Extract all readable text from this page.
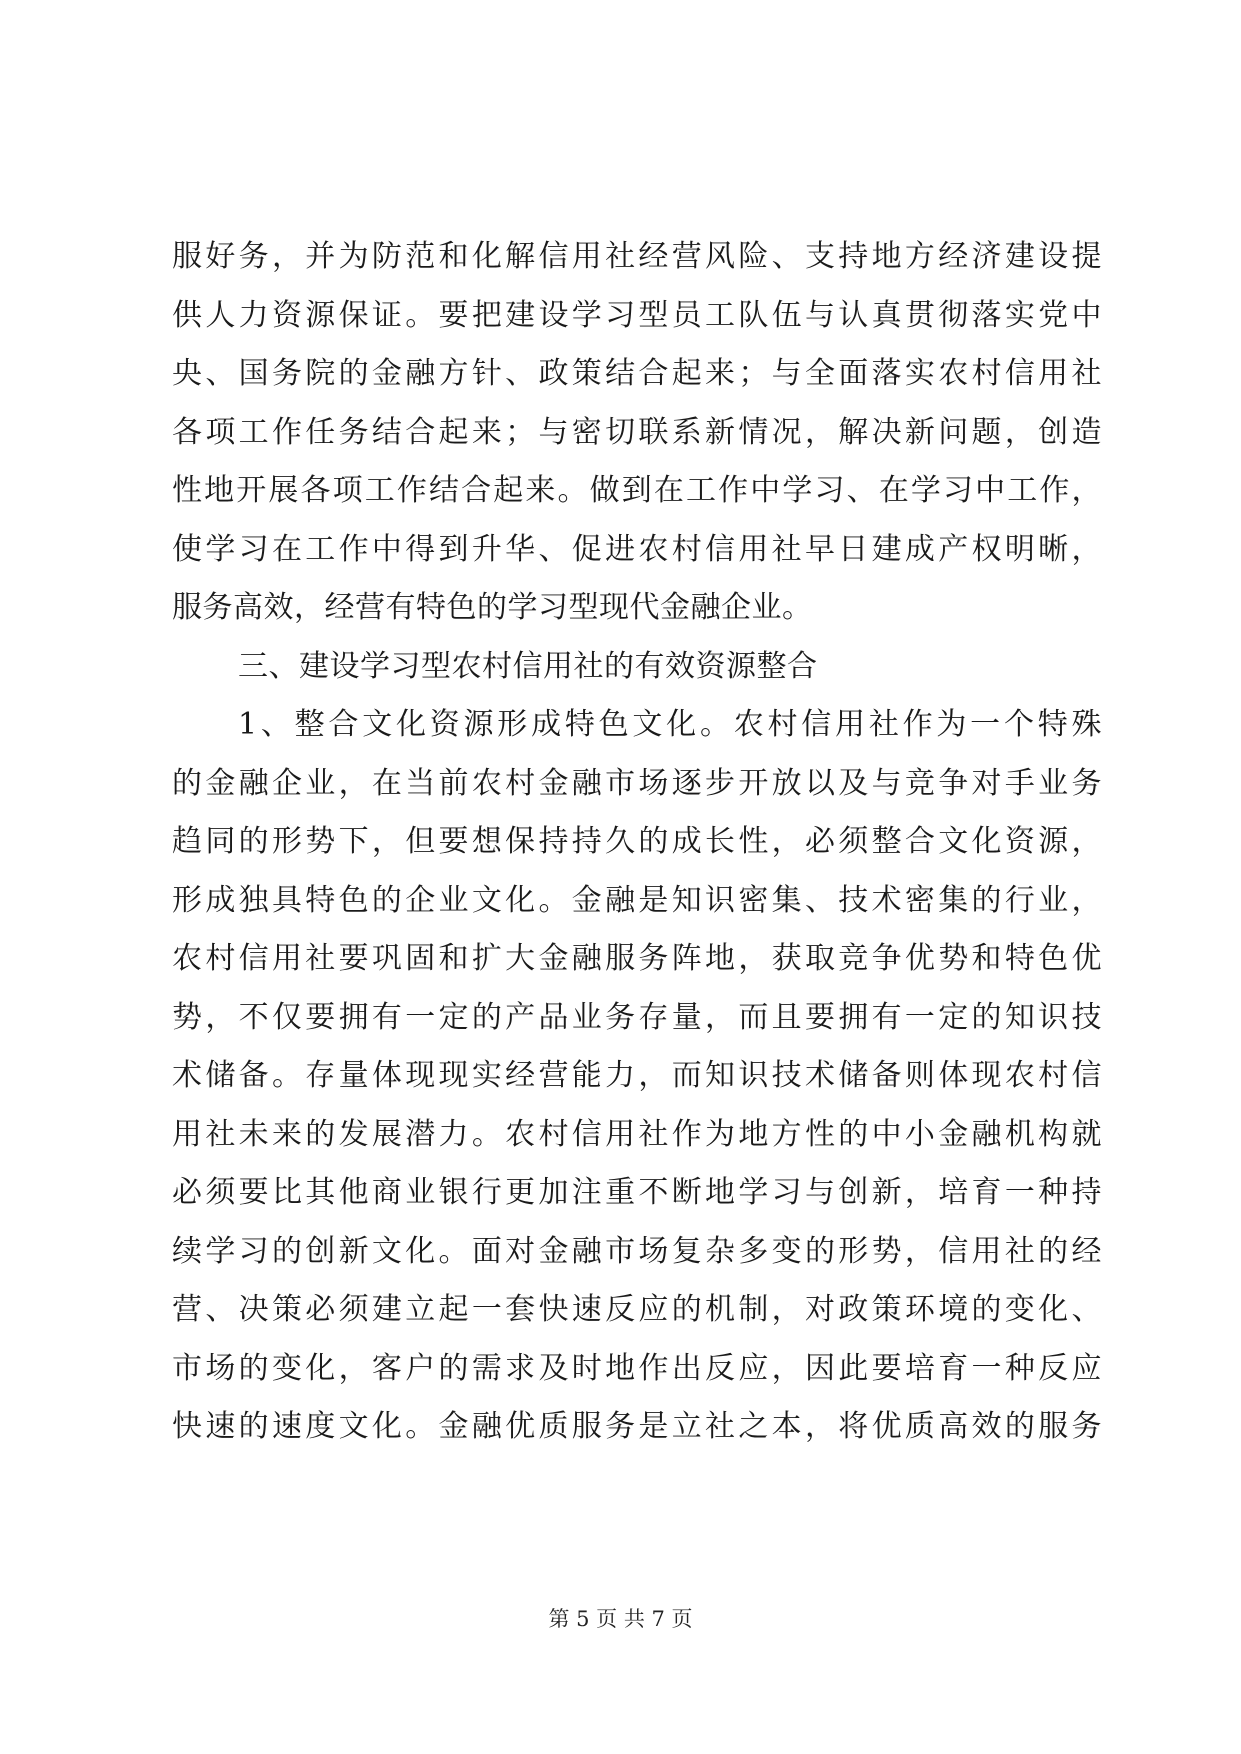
服好务，并为防范和化解信用社经营风险、支持地方经济建设提
供人力资源保证。要把建设学习型员工队伍与认真贯彻落实党中
央、国务院的金融方针、政策结合起来；与全面落实农村信用社
各项工作任务结合起来；与密切联系新情况，解决新问题，创造
性地开展各项工作结合起来。做到在工作中学习、在学习中工作，
使学习在工作中得到升华、促进农村信用社早日建成产权明晰，
服务高效，经营有特色的学习型现代金融企业。
三、建设学习型农村信用社的有效资源整合
1、整合文化资源形成特色文化。农村信用社作为一个特殊
的金融企业，在当前农村金融市场逐步开放以及与竞争对手业务
趋同的形势下，但要想保持持久的成长性，必须整合文化资源，
形成独具特色的企业文化。金融是知识密集、技术密集的行业，
农村信用社要巩固和扩大金融服务阵地，获取竞争优势和特色优
势，不仅要拥有一定的产品业务存量，而且要拥有一定的知识技
术储备。存量体现现实经营能力，而知识技术储备则体现农村信
用社未来的发展潜力。农村信用社作为地方性的中小金融机构就
必须要比其他商业银行更加注重不断地学习与创新，培育一种持
续学习的创新文化。面对金融市场复杂多变的形势，信用社的经
营、决策必须建立起一套快速反应的机制，对政策环境的变化、
市场的变化，客户的需求及时地作出反应，因此要培育一种反应
快速的速度文化。金融优质服务是立社之本，将优质高效的服务
第 5 页 共 7 页
